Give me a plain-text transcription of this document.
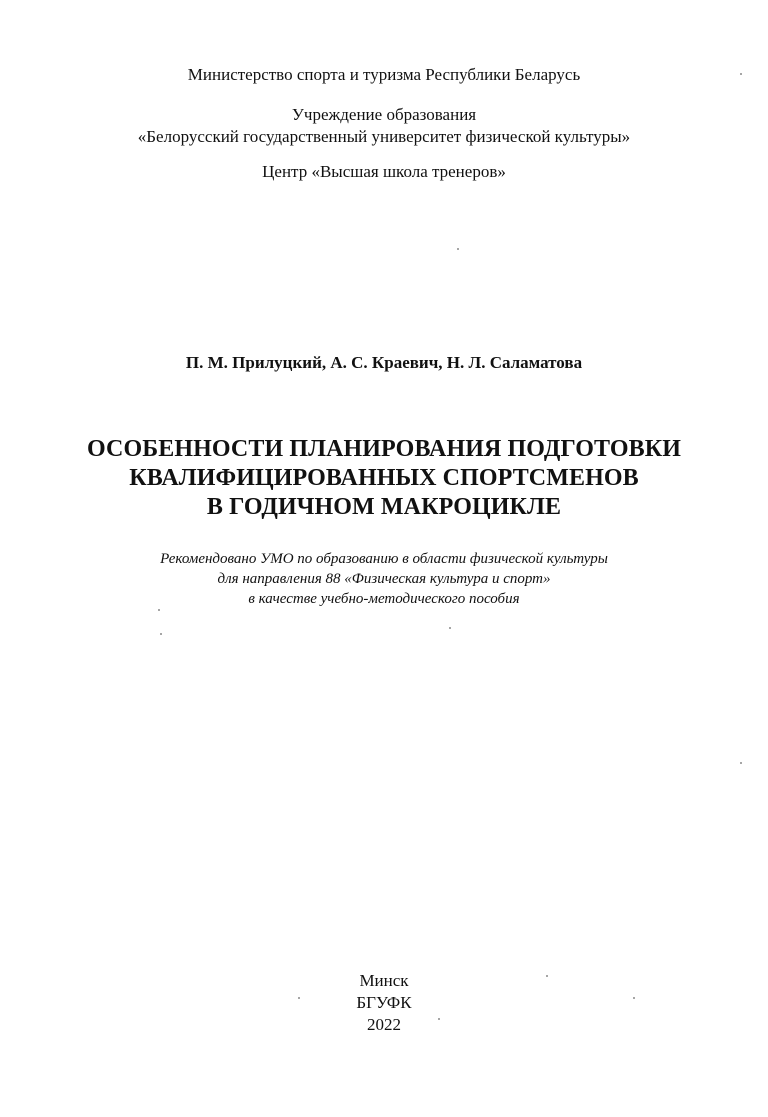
Министерство спорта и туризма Республики Беларусь
Учреждение образования
«Белорусский государственный университет физической культуры»
Центр «Высшая школа тренеров»
П. М. Прилуцкий, А. С. Краевич, Н. Л. Саламатова
ОСОБЕННОСТИ ПЛАНИРОВАНИЯ ПОДГОТОВКИ
КВАЛИФИЦИРОВАННЫХ СПОРТСМЕНОВ
В ГОДИЧНОМ МАКРОЦИКЛЕ
Рекомендовано УМО по образованию в области физической культуры
для направления 88 «Физическая культура и спорт»
в качестве учебно-методического пособия
Минск
БГУФК
2022
